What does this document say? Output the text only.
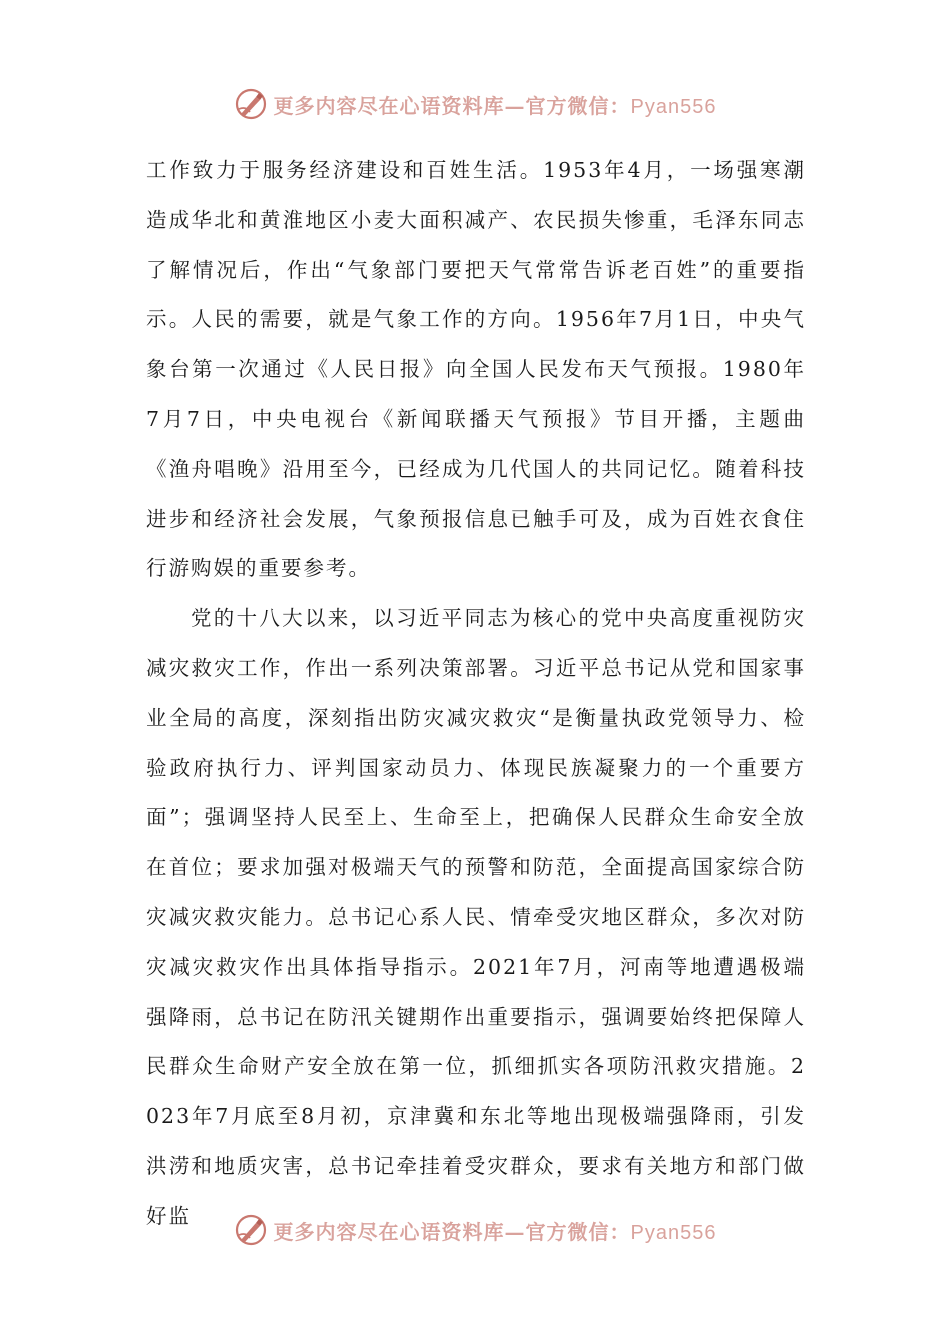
更多内容尽在心语资料库—官方微信：Pyan556

工作致力于服务经济建设和百姓生活。1953年4月，一场强寒潮造成华北和黄淮地区小麦大面积减产、农民损失惨重，毛泽东同志了解情况后，作出“气象部门要把天气常常告诉老百姓”的重要指示。人民的需要，就是气象工作的方向。1956年7月1日，中央气象台第一次通过《人民日报》向全国人民发布天气预报。1980年7月7日，中央电视台《新闻联播天气预报》节目开播，主题曲《渔舟唱晚》沿用至今，已经成为几代国人的共同记忆。随着科技进步和经济社会发展，气象预报信息已触手可及，成为百姓衣食住行游购娱的重要参考。

党的十八大以来，以习近平同志为核心的党中央高度重视防灾减灾救灾工作，作出一系列决策部署。习近平总书记从党和国家事业全局的高度，深刻指出防灾减灾救灾“是衡量执政党领导力、检验政府执行力、评判国家动员力、体现民族凝聚力的一个重要方面”；强调坚持人民至上、生命至上，把确保人民群众生命安全放在首位；要求加强对极端天气的预警和防范，全面提高国家综合防灾减灾救灾能力。总书记心系人民、情牵受灾地区群众，多次对防灾减灾救灾作出具体指导指示。2021年7月，河南等地遭遇极端强降雨，总书记在防汛关键期作出重要指示，强调要始终把保障人民群众生命财产安全放在第一位，抓细抓实各项防汛救灾措施。2023年7月底至8月初，京津冀和东北等地出现极端强降雨，引发洪涝和地质灾害，总书记牵挂着受灾群众，要求有关地方和部门做好监

更多内容尽在心语资料库—官方微信：Pyan556
